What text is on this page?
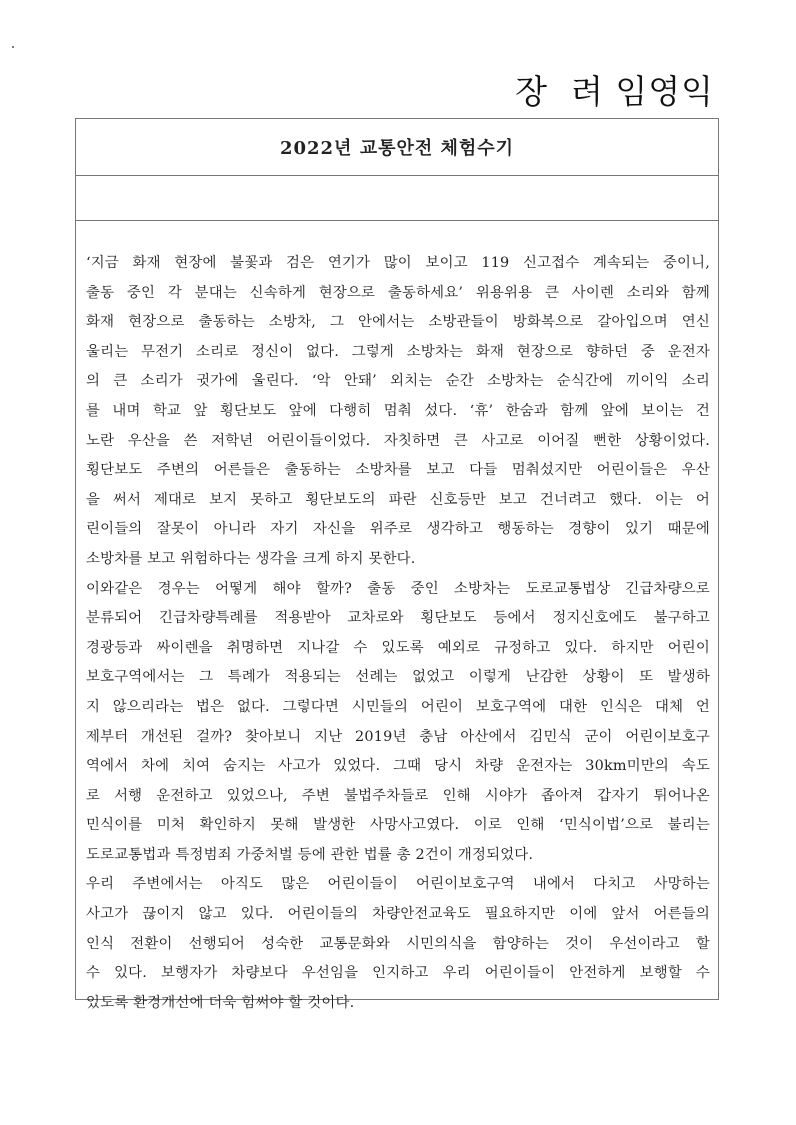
장  려 임영익
2022년 교통안전 체험수기
‘지금 화재 현장에 불꽃과 검은 연기가 많이 보이고 119 신고접수 계속되는 중이니,
출동 중인 각 분대는 신속하게 현장으로 출동하세요’ 위용위용 큰 사이렌 소리와 함께
화재 현장으로 출동하는 소방차, 그 안에서는 소방관들이 방화복으로 갈아입으며 연신
울리는 무전기 소리로 정신이 없다. 그렇게 소방차는 화재 현장으로 향하던 중 운전자
의 큰 소리가 귓가에 울린다. ‘악 안돼’ 외치는 순간 소방차는 순식간에 끼이익 소리
를 내며 학교 앞 횡단보도 앞에 다행히 멈춰 섰다. ‘휴’ 한숨과 함께 앞에 보이는 건
노란 우산을 쓴 저학년 어린이들이었다. 자칫하면 큰 사고로 이어질 뻔한 상황이었다.
횡단보도 주변의 어른들은 출동하는 소방차를 보고 다들 멈춰섰지만 어린이들은 우산
을 써서 제대로 보지 못하고 횡단보도의 파란 신호등만 보고 건너려고 했다. 이는 어
린이들의 잘못이 아니라 자기 자신을 위주로 생각하고 행동하는 경향이 있기 때문에
소방차를 보고 위험하다는 생각을 크게 하지 못한다.
이와같은 경우는 어떻게 해야 할까? 출동 중인 소방차는 도로교통법상 긴급차량으로
분류되어 긴급차량특례를 적용받아 교차로와 횡단보도 등에서 정지신호에도 불구하고
경광등과 싸이렌을 취명하면 지나갈 수 있도록 예외로 규정하고 있다. 하지만 어린이
보호구역에서는 그 특례가 적용되는 선례는 없었고 이렇게 난감한 상황이 또 발생하
지 않으리라는 법은 없다. 그렇다면 시민들의 어린이 보호구역에 대한 인식은 대체 언
제부터 개선된 걸까? 찾아보니 지난 2019년 충남 아산에서 김민식 군이 어린이보호구
역에서 차에 치여 숨지는 사고가 있었다. 그때 당시 차량 운전자는 30km미만의 속도
로 서행 운전하고 있었으나, 주변 불법주차들로 인해 시야가 좁아져 갑자기 튀어나온
민식이를 미처 확인하지 못해 발생한 사망사고였다. 이로 인해 ‘민식이법’으로 불리는
도로교통법과 특정범죄 가중처벌 등에 관한 법률 총 2건이 개정되었다.
우리 주변에서는 아직도 많은 어린이들이 어린이보호구역 내에서 다치고 사망하는
사고가 끊이지 않고 있다. 어린이들의 차량안전교육도 필요하지만 이에 앞서 어른들의
인식 전환이 선행되어 성숙한 교통문화와 시민의식을 함양하는 것이 우선이라고 할
수 있다. 보행자가 차량보다 우선임을 인지하고 우리 어린이들이 안전하게 보행할 수
있도록 환경개선에 더욱 힘써야 할 것이다.
